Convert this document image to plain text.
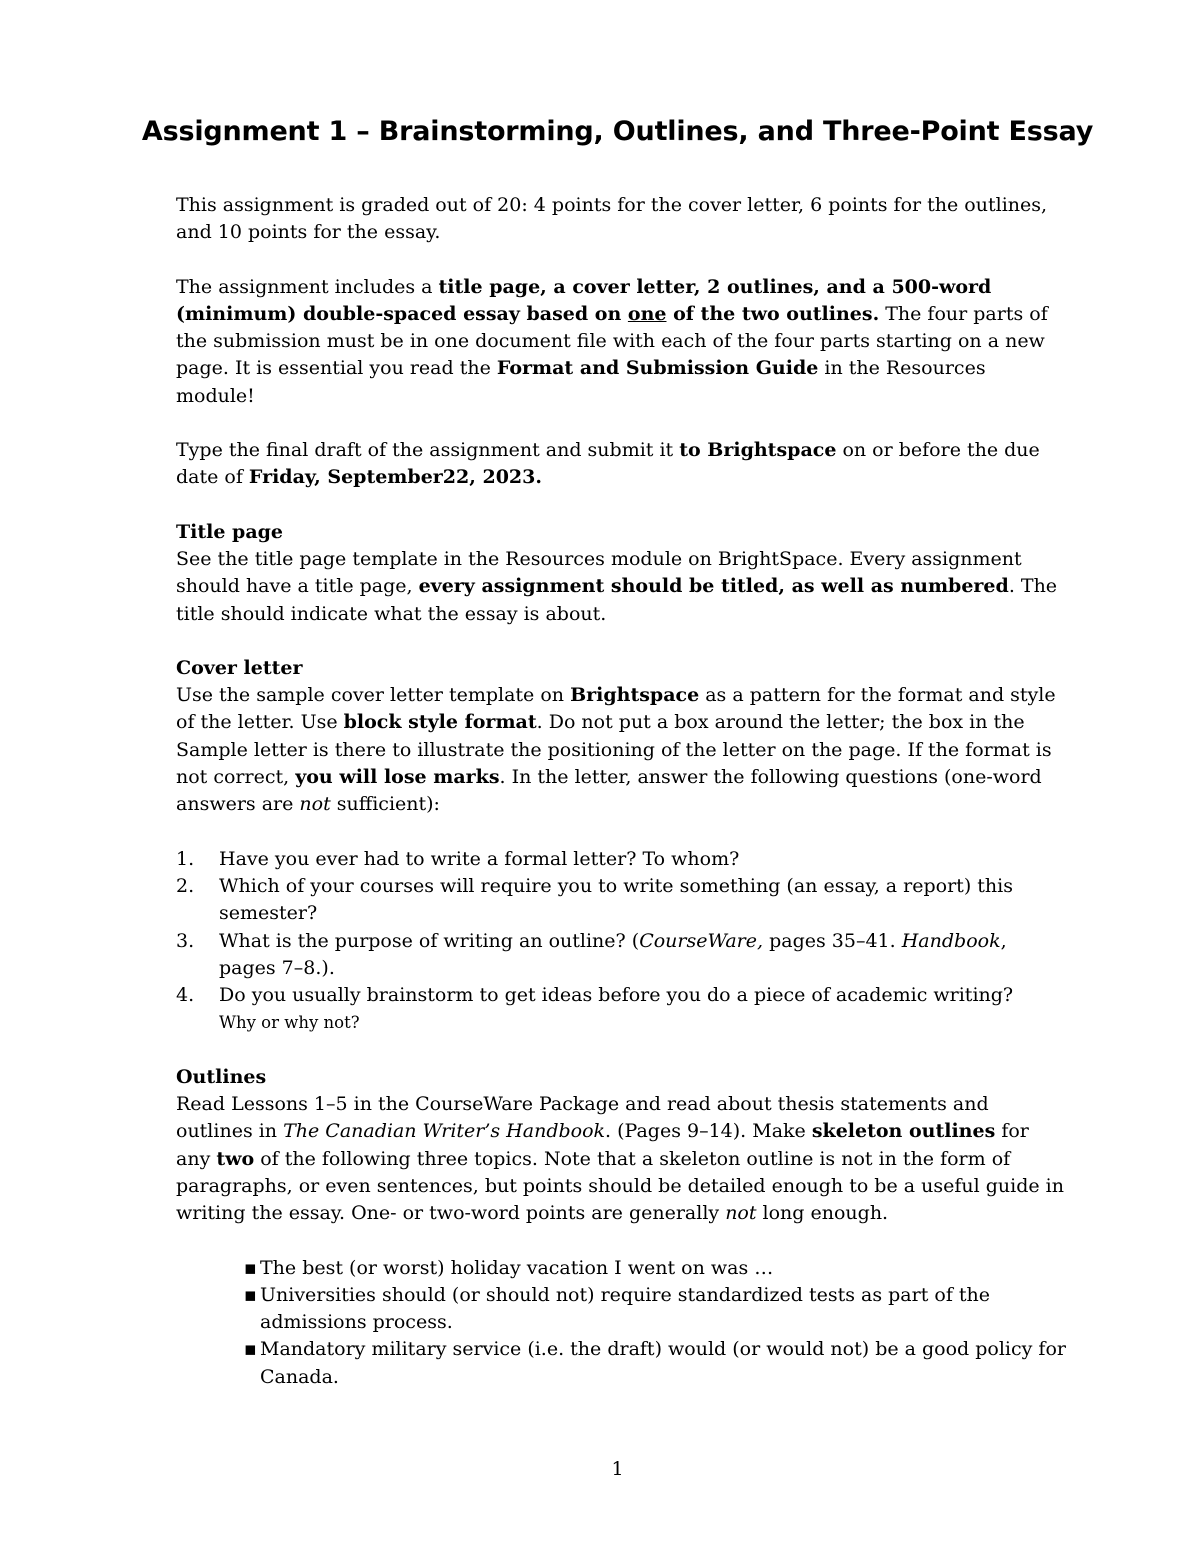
Assignment 1 – Brainstorming, Outlines, and Three-Point Essay

This assignment is graded out of 20: 4 points for the cover letter, 6 points for the outlines, and 10 points for the essay.

The assignment includes a title page, a cover letter, 2 outlines, and a 500-word (minimum) double-spaced essay based on one of the two outlines. The four parts of the submission must be in one document file with each of the four parts starting on a new page. It is essential you read the Format and Submission Guide in the Resources module!

Type the final draft of the assignment and submit it to Brightspace on or before the due date of Friday, September22, 2023.

Title page

See the title page template in the Resources module on BrightSpace. Every assignment should have a title page, every assignment should be titled, as well as numbered. The title should indicate what the essay is about.

Cover letter

Use the sample cover letter template on Brightspace as a pattern for the format and style of the letter. Use block style format. Do not put a box around the letter; the box in the Sample letter is there to illustrate the positioning of the letter on the page. If the format is not correct, you will lose marks. In the letter, answer the following questions (one-word answers are not sufficient):

1. Have you ever had to write a formal letter? To whom?
2. Which of your courses will require you to write something (an essay, a report) this semester?
3. What is the purpose of writing an outline? (CourseWare, pages 35–41. Handbook, pages 7–8.).
4. Do you usually brainstorm to get ideas before you do a piece of academic writing?
Why or why not?

Outlines

Read Lessons 1–5 in the CourseWare Package and read about thesis statements and outlines in The Canadian Writer’s Handbook. (Pages 9–14). Make skeleton outlines for any two of the following three topics. Note that a skeleton outline is not in the form of paragraphs, or even sentences, but points should be detailed enough to be a useful guide in writing the essay. One- or two-word points are generally not long enough.

▪ The best (or worst) holiday vacation I went on was …
▪ Universities should (or should not) require standardized tests as part of the admissions process.
▪ Mandatory military service (i.e. the draft) would (or would not) be a good policy for Canada.
1
